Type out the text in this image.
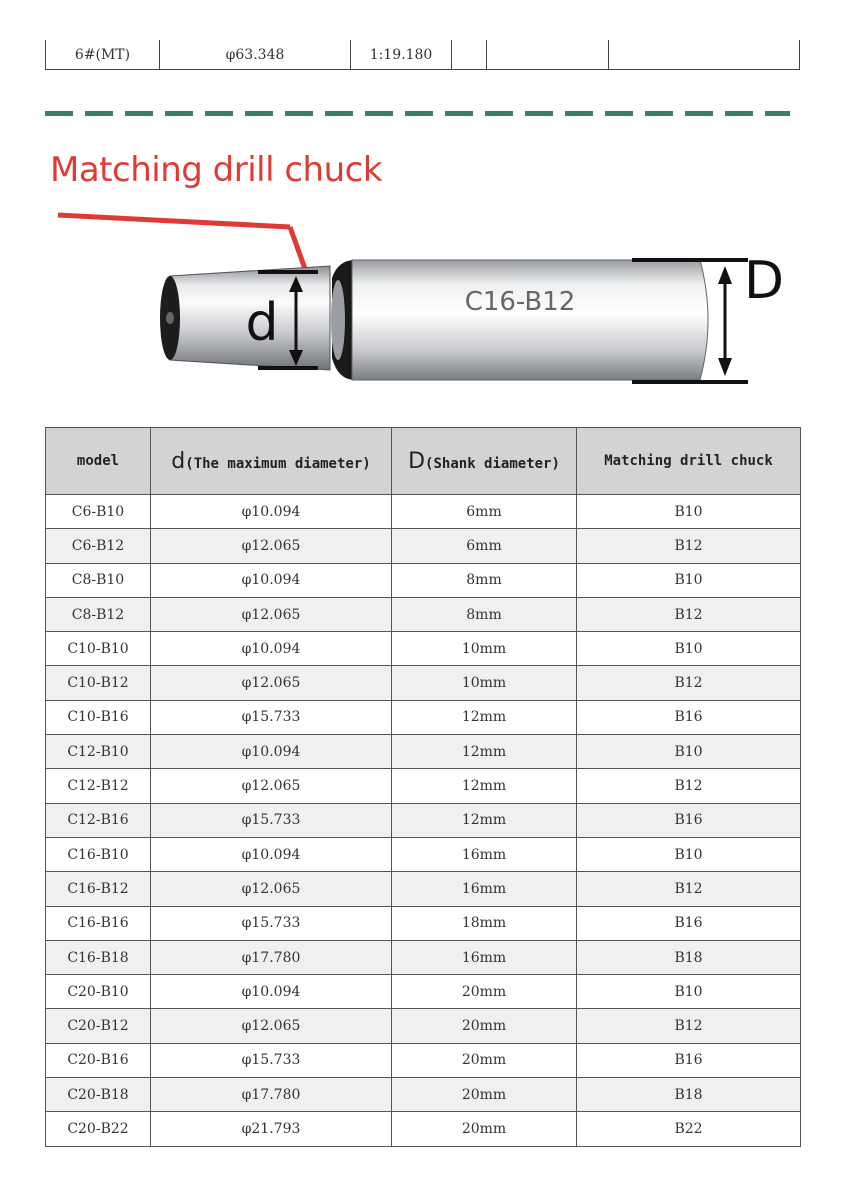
6#(MT)	φ63.348	1:19.180			
Matching drill chuck
C16-B12
d
D
model	d(The maximum diameter)	D(Shank diameter)	Matching drill chuck
C6-B10	φ10.094	6mm	B10
C6-B12	φ12.065	6mm	B12
C8-B10	φ10.094	8mm	B10
C8-B12	φ12.065	8mm	B12
C10-B10	φ10.094	10mm	B10
C10-B12	φ12.065	10mm	B12
C10-B16	φ15.733	12mm	B16
C12-B10	φ10.094	12mm	B10
C12-B12	φ12.065	12mm	B12
C12-B16	φ15.733	12mm	B16
C16-B10	φ10.094	16mm	B10
C16-B12	φ12.065	16mm	B12
C16-B16	φ15.733	18mm	B16
C16-B18	φ17.780	16mm	B18
C20-B10	φ10.094	20mm	B10
C20-B12	φ12.065	20mm	B12
C20-B16	φ15.733	20mm	B16
C20-B18	φ17.780	20mm	B18
C20-B22	φ21.793	20mm	B22
